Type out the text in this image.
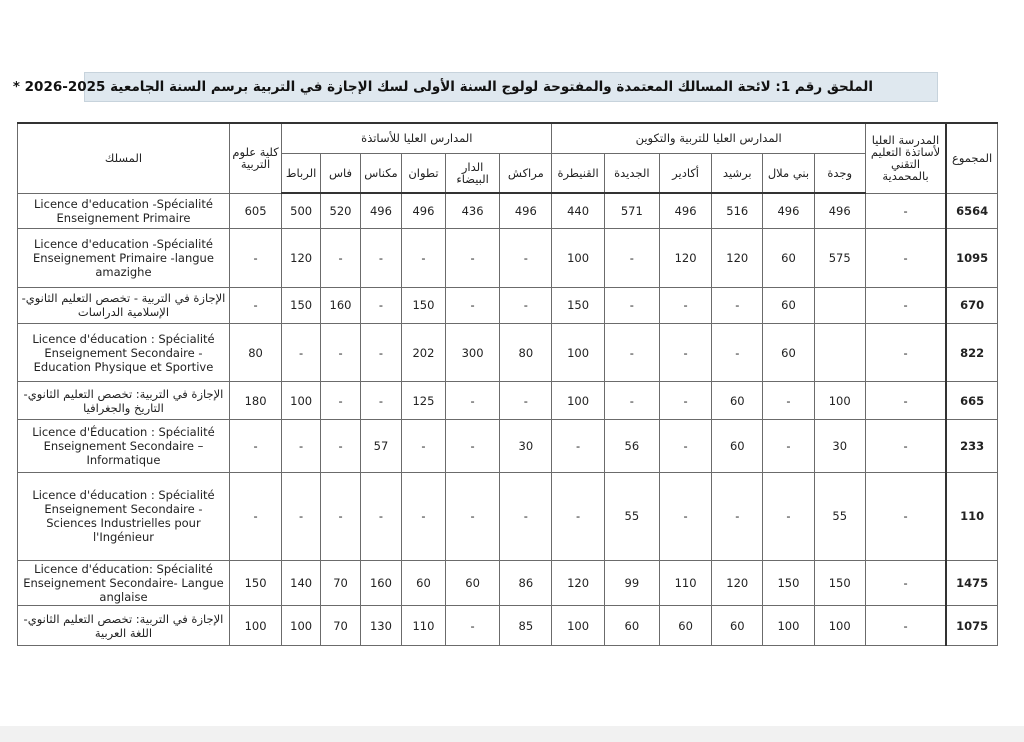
الملحق رقم 1: لائحة المسالك المعتمدة والمفتوحة لولوج السنة الأولى لسك الإجازة في التربية برسم السنة الجامعية 2025-2026 *
المسلك	كلية علوم التربية	المدارس العليا للأساتذة						المدارس العليا للتربية والتكوين						المدرسة العليا لأساتذة التعليم التقني بالمحمدية	المجموع
		الرباط	فاس	مكناس	تطوان	الدار البيضاء	مراكش	القنيطرة	الجديدة	أكادير	برشيد	بني ملال	وجدة		
Licence d'education -Spécialité Enseignement Primaire	605	500	520	496	496	436	496	440	571	496	516	496	496	-	6564
Licence d'education -Spécialité Enseignement Primaire -langue amazighe	-	120	-	-	-	-	-	100	-	120	120	60	575	-	1095
الإجازة في التربية - تخصص التعليم الثانوي- الإسلامية الدراسات	-	150	160	-	150	-	-	150	-	-	-	60		-	670
Licence d'éducation : Spécialité Enseignement Secondaire - Education Physique et Sportive	80	-	-	-	202	300	80	100	-	-	-	60		-	822
الإجازة في التربية: تخصص التعليم الثانوي- التاريخ والجغرافيا	180	100	-	-	125	-	-	100	-	-	60	-	100	-	665
Licence d'Éducation : Spécialité Enseignement Secondaire – Informatique	-	-	-	57	-	-	30	-	56	-	60	-	30	-	233
Licence d'éducation : Spécialité Enseignement Secondaire - Sciences Industrielles pour l'Ingénieur	-	-	-	-	-	-	-	-	55	-	-	-	55	-	110
Licence d'éducation: Spécialité Enseignement Secondaire- Langue anglaise	150	140	70	160	60	60	86	120	99	110	120	150	150	-	1475
الإجازة في التربية: تخصص التعليم الثانوي- اللغة العربية	100	100	70	130	110	-	85	100	60	60	60	100	100	-	1075
